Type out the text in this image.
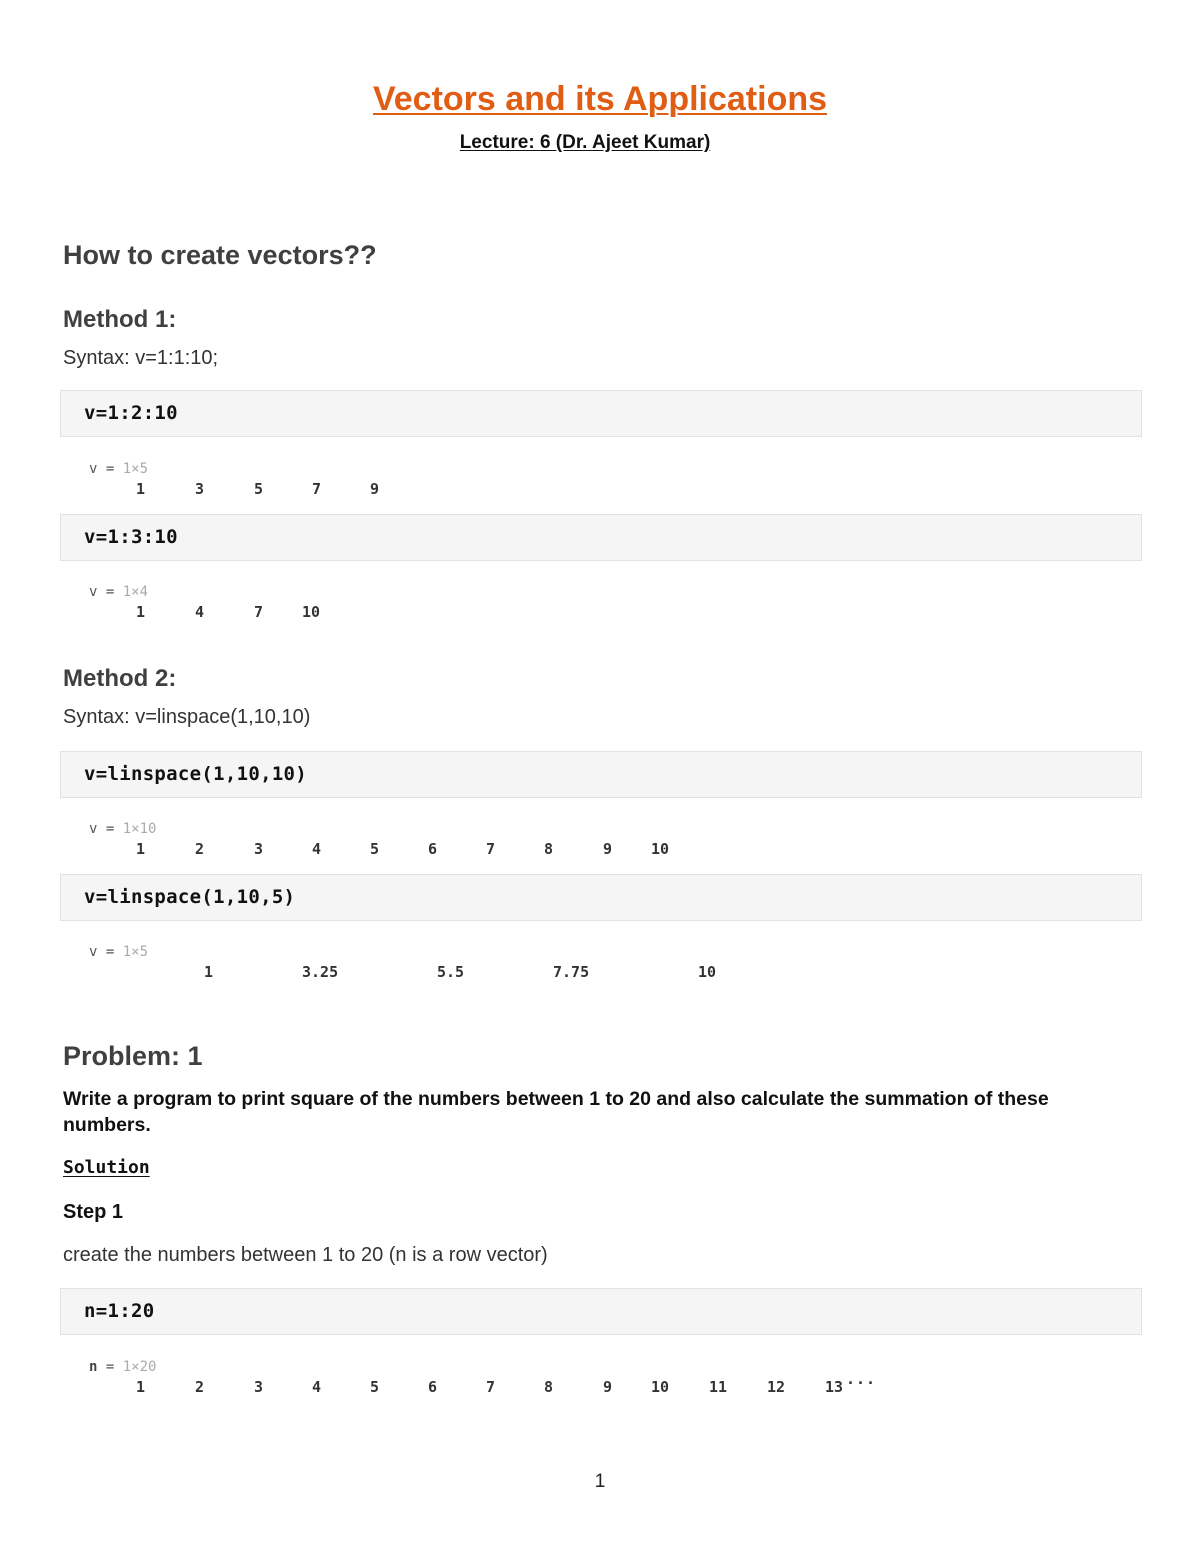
Vectors and its Applications
Lecture: 6 (Dr. Ajeet Kumar)
How to create vectors??
Method 1:
Syntax: v=1:1:10;
v=1:2:10
v = 1×5
1	3	5	7	9
v=1:3:10
v = 1×4
1	4	7	10
Method 2:
Syntax: v=linspace(1,10,10)
v=linspace(1,10,10)
v = 1×10
1	2	3	4	5	6	7	8	9	10
v=linspace(1,10,5)
v = 1×5
1	3.25	5.5	7.75	10
Problem: 1
Write a program to print square of the numbers between 1 to 20 and also calculate the summation of these numbers.
Solution
Step 1
create the numbers between 1 to 20 (n is a row vector)
n=1:20
n = 1×20
1	2	3	4	5	6	7	8	9	10	11	12	13 ···
1
